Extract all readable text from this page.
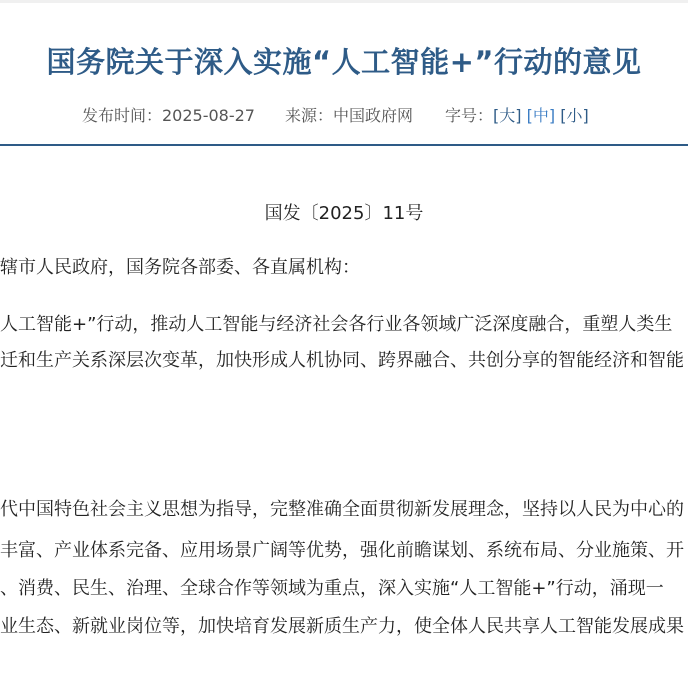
国务院关于深入实施“人工智能+”行动的意见
发布时间：2025-08-27 来源：中国政府网 字号：[大] [中] [小]
国发〔2025〕11号
辖市人民政府，国务院各部委、各直属机构：
人工智能+”行动，推动人工智能与经济社会各行业各领域广泛深度融合，重塑人类生
迁和生产关系深层次变革，加快形成人机协同、跨界融合、共创分享的智能经济和智能
代中国特色社会主义思想为指导，完整准确全面贯彻新发展理念，坚持以人民为中心的
丰富、产业体系完备、应用场景广阔等优势，强化前瞻谋划、系统布局、分业施策、开
、消费、民生、治理、全球合作等领域为重点，深入实施“人工智能+”行动，涌现一
业生态、新就业岗位等，加快培育发展新质生产力，使全体人民共享人工智能发展成果
